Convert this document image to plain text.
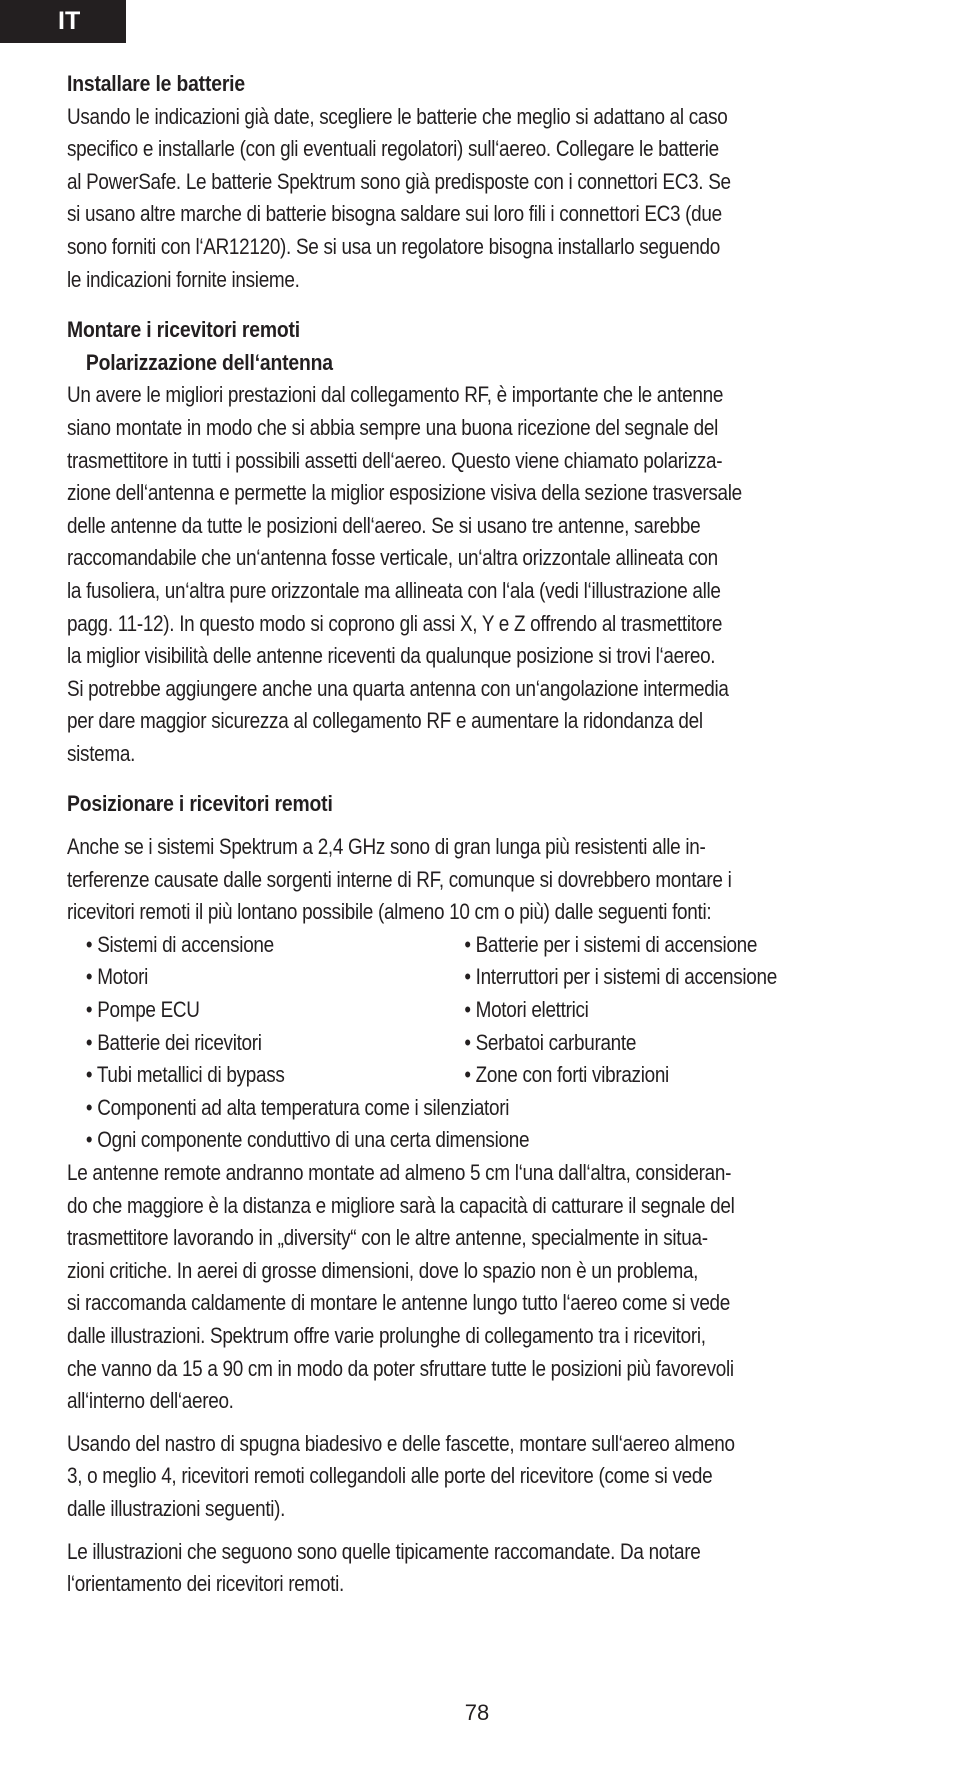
IT
Installare le batterie

Usando le indicazioni già date, scegliere le batterie che meglio si adattano al caso
specifico e installarle (con gli eventuali regolatori) sull‘aereo. Collegare le batterie
al PowerSafe. Le batterie Spektrum sono già predisposte con i connettori EC3. Se
si usano altre marche di batterie bisogna saldare sui loro fili i connettori EC3 (due
sono forniti con l‘AR12120). Se si usa un regolatore bisogna installarlo seguendo
le indicazioni fornite insieme.

Montare i ricevitori remoti
Polarizzazione dell‘antenna

Un avere le migliori prestazioni dal collegamento RF, è importante che le antenne
siano montate in modo che si abbia sempre una buona ricezione del segnale del
trasmettitore in tutti i possibili assetti dell‘aereo. Questo viene chiamato polarizza-
zione dell‘antenna e permette la miglior esposizione visiva della sezione trasversale
delle antenne da tutte le posizioni dell‘aereo. Se si usano tre antenne, sarebbe
raccomandabile che un‘antenna fosse verticale, un‘altra orizzontale allineata con
la fusoliera, un‘altra pure orizzontale ma allineata con l‘ala (vedi l‘illustrazione alle
pagg. 11-12). In questo modo si coprono gli assi X, Y e Z offrendo al trasmettitore
la miglior visibilità delle antenne riceventi da qualunque posizione si trovi l‘aereo.
Si potrebbe aggiungere anche una quarta antenna con un‘angolazione intermedia
per dare maggior sicurezza al collegamento RF e aumentare la ridondanza del
sistema.

Posizionare i ricevitori remoti

Anche se i sistemi Spektrum a 2,4 GHz sono di gran lunga più resistenti alle in-
terferenze causate dalle sorgenti interne di RF, comunque si dovrebbero montare i
ricevitori remoti il più lontano possibile (almeno 10 cm o più) dalle seguenti fonti:

• Sistemi di accensione	• Batterie per i sistemi di accensione
• Motori	• Interruttori per i sistemi di accensione
• Pompe ECU	• Motori elettrici
• Batterie dei ricevitori	• Serbatoi carburante
• Tubi metallici di bypass	• Zone con forti vibrazioni
• Componenti ad alta temperatura come i silenziatori
• Ogni componente conduttivo di una certa dimensione

Le antenne remote andranno montate ad almeno 5 cm l‘una dall‘altra, consideran-
do che maggiore è la distanza e migliore sarà la capacità di catturare il segnale del
trasmettitore lavorando in „diversity“ con le altre antenne, specialmente in situa-
zioni critiche. In aerei di grosse dimensioni, dove lo spazio non è un problema,
si raccomanda caldamente di montare le antenne lungo tutto l‘aereo come si vede
dalle illustrazioni. Spektrum offre varie prolunghe di collegamento tra i ricevitori,
che vanno da 15 a 90 cm in modo da poter sfruttare tutte le posizioni più favorevoli
all‘interno dell‘aereo.

Usando del nastro di spugna biadesivo e delle fascette, montare sull‘aereo almeno
3, o meglio 4, ricevitori remoti collegandoli alle porte del ricevitore (come si vede
dalle illustrazioni seguenti).

Le illustrazioni che seguono sono quelle tipicamente raccomandate. Da notare
l‘orientamento dei ricevitori remoti.

78
